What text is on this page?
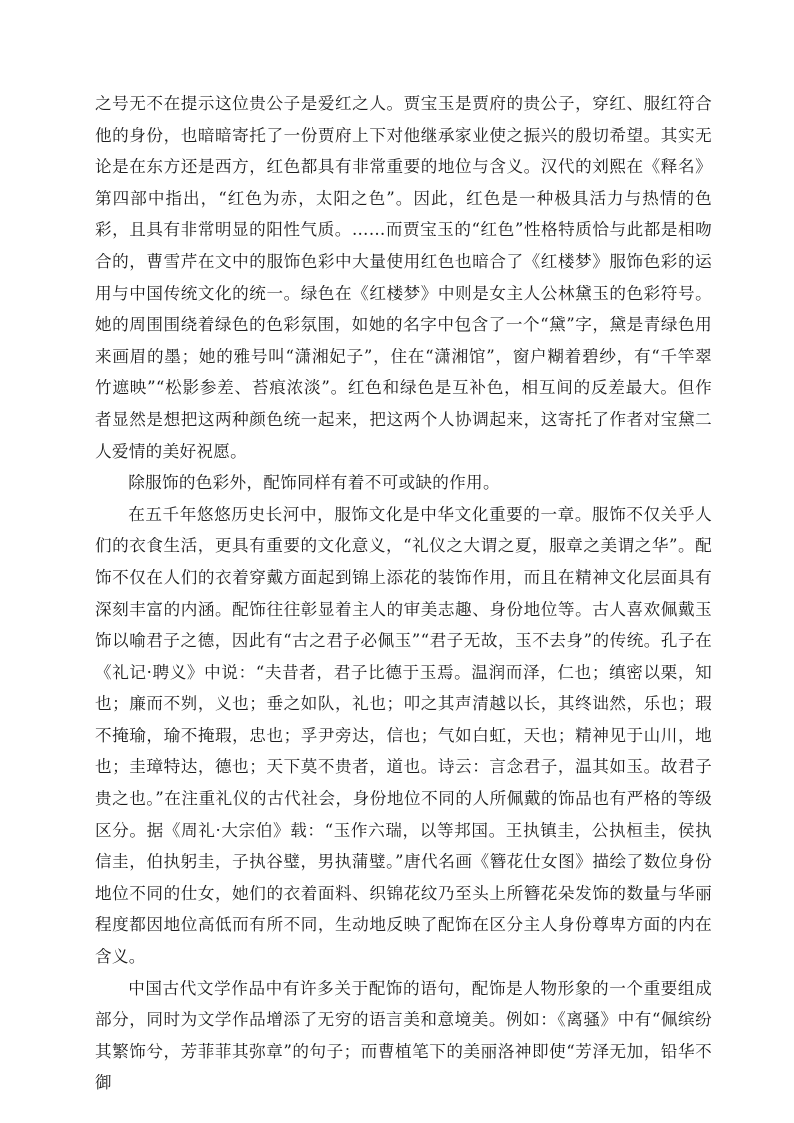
之号无不在提示这位贵公子是爱红之人。贾宝玉是贾府的贵公子，穿红、服红符合他的身份，也暗暗寄托了一份贾府上下对他继承家业使之振兴的殷切希望。其实无论是在东方还是西方，红色都具有非常重要的地位与含义。汉代的刘熙在《释名》第四部中指出，“红色为赤，太阳之色”。因此，红色是一种极具活力与热情的色彩，且具有非常明显的阳性气质。……而贾宝玉的“红色”性格特质恰与此都是相吻合的，曹雪芹在文中的服饰色彩中大量使用红色也暗合了《红楼梦》服饰色彩的运用与中国传统文化的统一。绿色在《红楼梦》中则是女主人公林黛玉的色彩符号。她的周围围绕着绿色的色彩氛围，如她的名字中包含了一个“黛”字，黛是青绿色用来画眉的墨；她的雅号叫“潇湘妃子”，住在“潇湘馆”，窗户糊着碧纱，有“千竿翠竹遮映”“松影参差、苔痕浓淡”。红色和绿色是互补色，相互间的反差最大。但作者显然是想把这两种颜色统一起来，把这两个人协调起来，这寄托了作者对宝黛二人爱情的美好祝愿。

除服饰的色彩外，配饰同样有着不可或缺的作用。

在五千年悠悠历史长河中，服饰文化是中华文化重要的一章。服饰不仅关乎人们的衣食生活，更具有重要的文化意义，“礼仪之大谓之夏，服章之美谓之华”。配饰不仅在人们的衣着穿戴方面起到锦上添花的装饰作用，而且在精神文化层面具有深刻丰富的内涵。配饰往往彰显着主人的审美志趣、身份地位等。古人喜欢佩戴玉饰以喻君子之德，因此有“古之君子必佩玉”“君子无故，玉不去身”的传统。孔子在《礼记·聘义》中说：“夫昔者，君子比德于玉焉。温润而泽，仁也；缜密以栗，知也；廉而不刿，义也；垂之如队，礼也；叩之其声清越以长，其终诎然，乐也；瑕不掩瑜，瑜不掩瑕，忠也；孚尹旁达，信也；气如白虹，天也；精神见于山川，地也；圭璋特达，德也；天下莫不贵者，道也。诗云：言念君子，温其如玉。故君子贵之也。”在注重礼仪的古代社会，身份地位不同的人所佩戴的饰品也有严格的等级区分。据《周礼·大宗伯》载：“玉作六瑞，以等邦国。王执镇圭，公执桓圭，侯执信圭，伯执躬圭，子执谷璧，男执蒲璧。”唐代名画《簪花仕女图》描绘了数位身份地位不同的仕女，她们的衣着面料、织锦花纹乃至头上所簪花朵发饰的数量与华丽程度都因地位高低而有所不同，生动地反映了配饰在区分主人身份尊卑方面的内在含义。

中国古代文学作品中有许多关于配饰的语句，配饰是人物形象的一个重要组成部分，同时为文学作品增添了无穷的语言美和意境美。例如：《离骚》中有“佩缤纷其繁饰兮，芳菲菲其弥章”的句子；而曹植笔下的美丽洛神即使“芳泽无加，铅华不御
